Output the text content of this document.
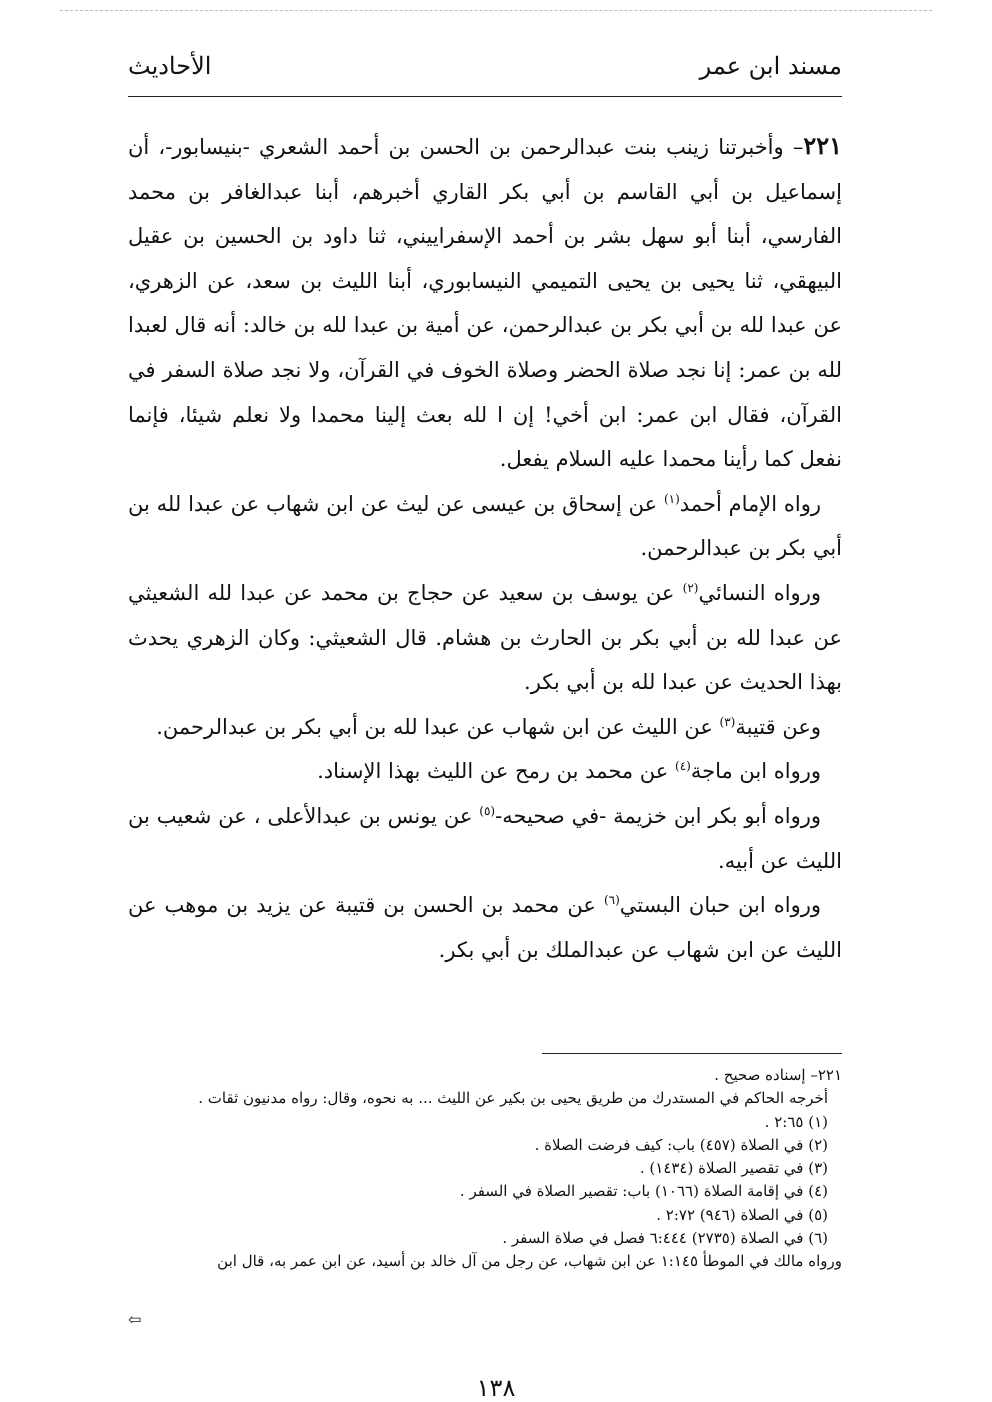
مسند ابن عمر
الأحاديث

٢٢١– وأخبرتنا زينب بنت عبدالرحمن بن الحسن بن أحمد الشعري -بنيسابور-، أن إسماعيل بن أبي القاسم بن أبي بكر القاري أخبرهم، أبنا عبدالغافر بن محمد الفارسي، أبنا أبو سهل بشر بن أحمد الإسفراييني، ثنا داود بن الحسين بن عقيل البيهقي، ثنا يحيى بن يحيى التميمي النيسابوري، أبنا الليث بن سعد، عن الزهري، عن عبدا لله بن أبي بكر بن عبدالرحمن، عن أمية بن عبدا لله بن خالد: أنه قال لعبدا لله بن عمر: إنا نجد صلاة الحضر وصلاة الخوف في القرآن، ولا نجد صلاة السفر في القرآن، فقال ابن عمر: ابن أخي! إن ا لله بعث إلينا محمدا ولا نعلم شيئا، فإنما نفعل كما رأينا محمدا عليه السلام يفعل.

 رواه الإمام أحمد$^{(١)}$ عن إسحاق بن عيسى عن ليث عن ابن شهاب عن عبدا لله بن أبي بكر بن عبدالرحمن.

 ورواه النسائي$^{(٢)}$ عن يوسف بن سعيد عن حجاج بن محمد عن عبدا لله الشعيثي عن عبدا لله بن أبي بكر بن الحارث بن هشام. قال الشعيثي: وكان الزهري يحدث بهذا الحديث عن عبدا لله بن أبي بكر.

 وعن قتيبة$^{(٣)}$ عن الليث عن ابن شهاب عن عبدا لله بن أبي بكر بن عبدالرحمن.

 ورواه ابن ماجة$^{(٤)}$ عن محمد بن رمح عن الليث بهذا الإسناد.

 ورواه أبو بكر ابن خزيمة -في صحيحه-$^{(٥)}$ عن يونس بن عبدالأعلى ، عن شعيب بن الليث عن أبيه.

 ورواه ابن حبان البستي$^{(٦)}$ عن محمد بن الحسن بن قتيبة عن يزيد بن موهب عن الليث عن ابن شهاب عن عبدالملك بن أبي بكر.

٢٢١– إسناده صحيح .

أخرجه الحاكم في المستدرك من طريق يحيى بن بكير عن الليث ... به نحوه، وقال: رواه مدنيون ثقات .

(١) ٢:٦٥ .

(٢) في الصلاة (٤٥٧) باب: كيف فرضت الصلاة .

(٣) في تقصير الصلاة (١٤٣٤) .

(٤) في إقامة الصلاة (١٠٦٦) باب: تقصير الصلاة في السفر .

(٥) في الصلاة (٩٤٦) ٢:٧٢ .

(٦) في الصلاة (٢٧٣٥) ٦:٤٤٤ فصل في صلاة السفر .

ورواه مالك في الموطأ ١:١٤٥ عن ابن شهاب، عن رجل من آل خالد بن أسيد، عن ابن عمر به، قال ابن

⇦
١٣٨
